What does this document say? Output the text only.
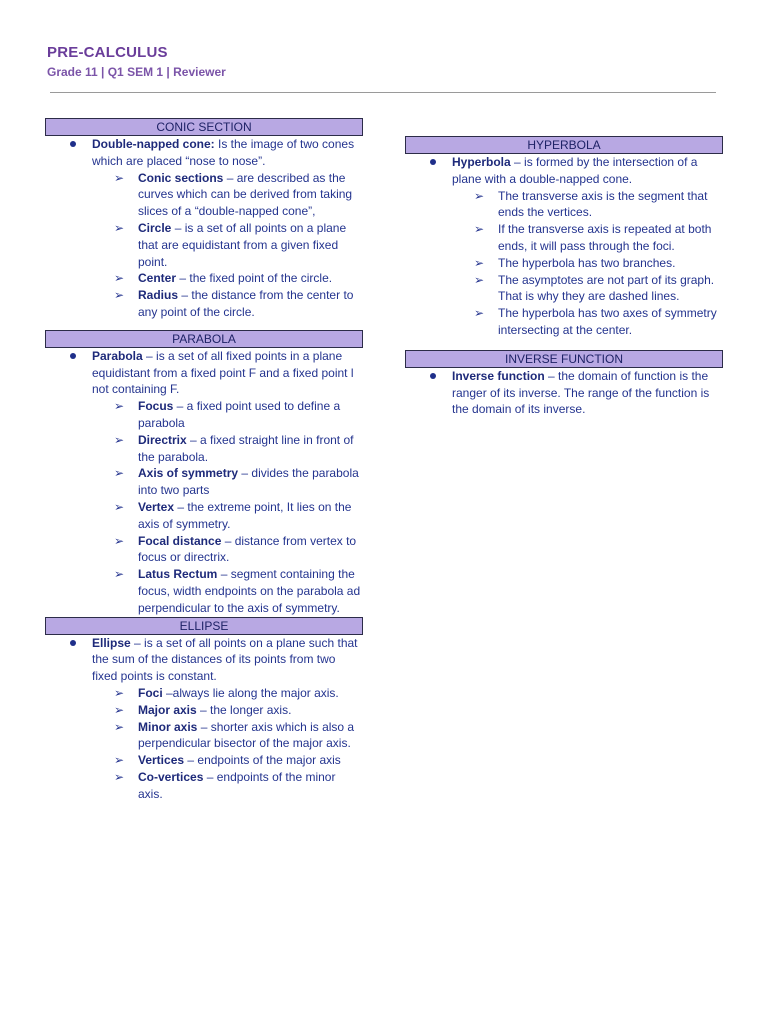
PRE-CALCULUS
Grade 11 | Q1 SEM 1 | Reviewer
CONIC SECTION
Double-napped cone: Is the image of two cones which are placed “nose to nose”.
➢ Conic sections – are described as the curves which can be derived from taking slices of a “double-napped cone”,
➢ Circle – is a set of all points on a plane that are equidistant from a given fixed point.
➢ Center – the fixed point of the circle.
➢ Radius – the distance from the center to any point of the circle.
PARABOLA
Parabola – is a set of all fixed points in a plane equidistant from a fixed point F and a fixed point l not containing F.
➢ Focus – a fixed point used to define a parabola
➢ Directrix – a fixed straight line in front of the parabola.
➢ Axis of symmetry – divides the parabola into two parts
➢ Vertex – the extreme point, It lies on the axis of symmetry.
➢ Focal distance – distance from vertex to focus or directrix.
➢ Latus Rectum – segment containing the focus, width endpoints on the parabola ad perpendicular to the axis of symmetry.
ELLIPSE
Ellipse – is a set of all points on a plane such that the sum of the distances of its points from two fixed points is constant.
➢ Foci –always lie along the major axis.
➢ Major axis – the longer axis.
➢ Minor axis – shorter axis which is also a perpendicular bisector of the major axis.
➢ Vertices – endpoints of the major axis
➢ Co-vertices – endpoints of the minor axis.
HYPERBOLA
Hyperbola – is formed by the intersection of a plane with a double-napped cone.
➢ The transverse axis is the segment that ends the vertices.
➢ If the transverse axis is repeated at both ends, it will pass through the foci.
➢ The hyperbola has two branches.
➢ The asymptotes are not part of its graph. That is why they are dashed lines.
➢ The hyperbola has two axes of symmetry intersecting at the center.
INVERSE FUNCTION
Inverse function – the domain of function is the ranger of its inverse. The range of the function is the domain of its inverse.
